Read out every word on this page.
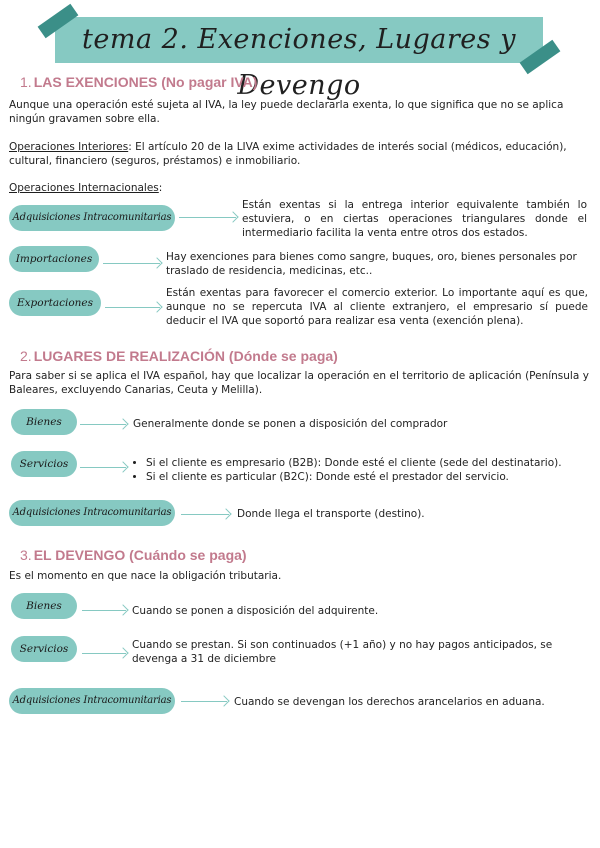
tema 2. Exenciones, Lugares y Devengo
1. LAS EXENCIONES (No pagar IVA)
Aunque una operación esté sujeta al IVA, la ley puede declararla exenta, lo que significa que no se aplica ningún gravamen sobre ella.
Operaciones Interiores: El artículo 20 de la LIVA exime actividades de interés social (médicos, educación), cultural, financiero (seguros, préstamos) e inmobiliario.
Operaciones Internacionales:
Adquisiciones Intracomunitarias
Están exentas si la entrega interior equivalente también lo estuviera, o en ciertas operaciones triangulares donde el intermediario facilita la venta entre otros dos estados.
Importaciones	Hay exenciones para bienes como sangre, buques, oro, bienes personales por traslado de residencia, medicinas, etc..
Exportaciones
Están exentas para favorecer el comercio exterior. Lo importante aquí es que, aunque no se repercuta IVA al cliente extranjero, el empresario sí puede deducir el IVA que soportó para realizar esa venta (exención plena).
2. LUGARES DE REALIZACIÓN (Dónde se paga)
Para saber si se aplica el IVA español, hay que localizar la operación en el territorio de aplicación (Península y Baleares, excluyendo Canarias, Ceuta y Melilla).
Bienes	Generalmente donde se ponen a disposición del comprador
Servicios
•	Si el cliente es empresario (B2B): Donde esté el cliente (sede del destinatario).
• Si el cliente es particular (B2C): Donde esté el prestador del servicio.
Adquisiciones Intracomunitarias	Donde llega el transporte (destino).
3. EL DEVENGO (Cuándo se paga)
Es el momento en que nace la obligación tributaria.
Bienes	Cuando se ponen a disposición del adquirente.
Servicios	Cuando se prestan. Si son continuados (+1 año) y no hay pagos anticipados, se devenga a 31 de diciembre
Adquisiciones Intracomunitarias	Cuando se devengan los derechos arancelarios en aduana.
